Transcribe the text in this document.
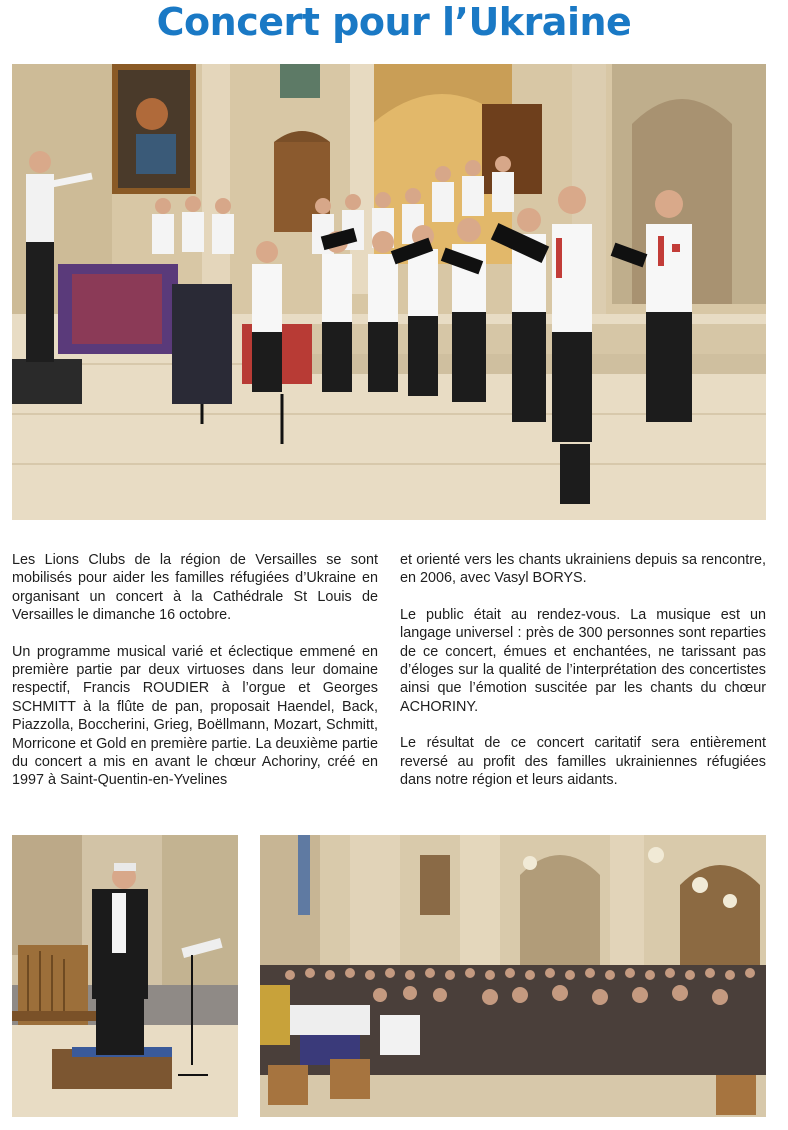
Concert pour l’Ukraine

Les Lions Clubs de la région de Versailles se sont mobilisés pour aider les familles réfugiées d’Ukraine en organisant un concert à la Cathédrale St Louis de Versailles le dimanche 16 octobre.

Un programme musical varié et éclectique emmené en première partie par deux virtuoses dans leur domaine respectif, Francis ROUDIER à l’orgue et Georges SCHMITT à la flûte de pan, proposait Haendel, Back, Piazzolla, Boccherini, Grieg, Boëllmann, Mozart, Schmitt, Morricone et Gold en première partie. La deuxième partie du concert a mis en avant le chœur Achoriny, créé en 1997 à Saint-Quentin-en-Yvelines

et orienté vers les chants ukrainiens depuis sa rencontre, en 2006, avec Vasyl BORYS.

Le public était au rendez-vous. La musique est un langage universel : près de 300 personnes sont reparties de ce concert, émues et enchantées, ne tarissant pas d’éloges sur la qualité de l’interprétation des concertistes ainsi que l’émotion suscitée par les chants du chœur ACHORINY.

Le résultat de ce concert caritatif sera entièrement reversé au profit des familles ukrainiennes réfugiées dans notre région et leurs aidants.
